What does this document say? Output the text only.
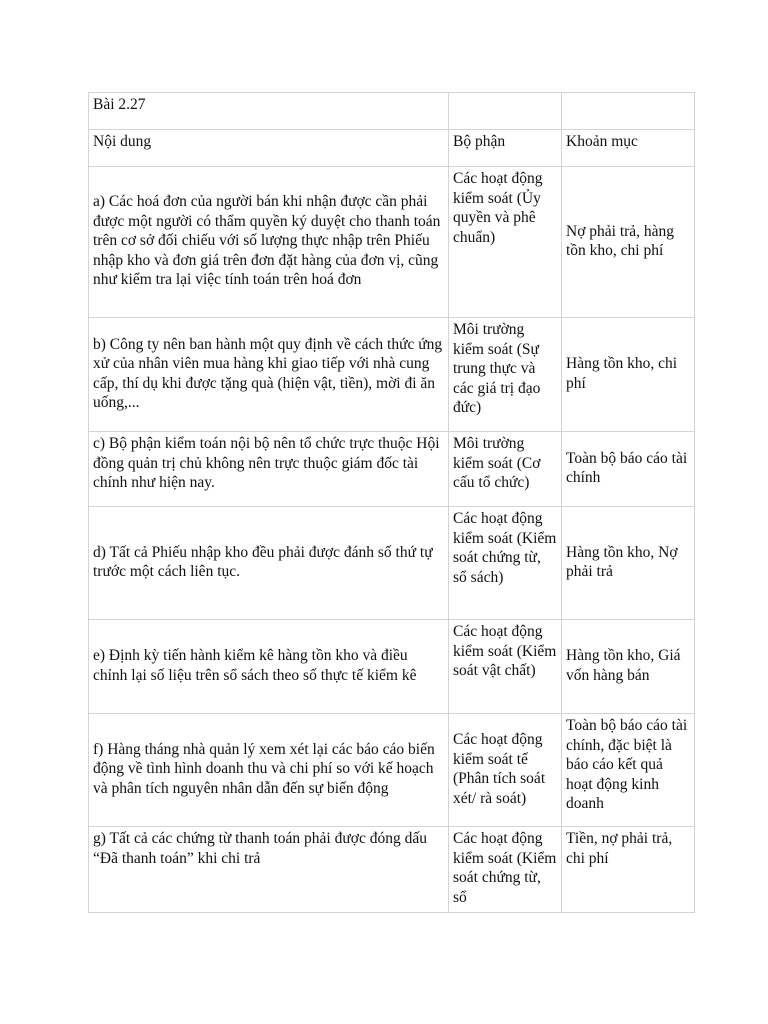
Bài 2.27		
Nội dung	Bộ phận	Khoản mục
a) Các hoá đơn của người bán khi nhận được cần phải được một người có thẩm quyền ký duyệt cho thanh toán trên cơ sở đối chiếu với số lượng thực nhập trên Phiếu nhập kho và đơn giá trên đơn đặt hàng của đơn vị, cũng như kiểm tra lại việc tính toán trên hoá đơn	Các hoạt động kiểm soát (Ủy quyền và phê chuẩn)	Nợ phải trả, hàng tồn kho, chi phí
b) Công ty nên ban hành một quy định về cách thức ứng xử của nhân viên mua hàng khi giao tiếp với nhà cung cấp, thí dụ khi được tặng quà (hiện vật, tiền), mời đi ăn uống,...	Môi trường kiểm soát (Sự trung thực và các giá trị đạo đức)	Hàng tồn kho, chi phí
c) Bộ phận kiểm toán nội bộ nên tổ chức trực thuộc Hội đồng quản trị chủ không nên trực thuộc giám đốc tài chính như hiện nay.	Môi trường kiểm soát (Cơ cấu tổ chức)	Toàn bộ báo cáo tài chính
d) Tất cả Phiếu nhập kho đều phải được đánh số thứ tự trước một cách liên tục.	Các hoạt động kiểm soát (Kiểm soát chứng từ, sổ sách)	Hàng tồn kho, Nợ phải trả
e) Định kỳ tiến hành kiểm kê hàng tồn kho và điều chỉnh lại số liệu trên sổ sách theo số thực tế kiểm kê	Các hoạt động kiểm soát (Kiểm soát vật chất)	Hàng tồn kho, Giá vốn hàng bán
f) Hàng tháng nhà quản lý xem xét lại các báo cáo biến động về tình hình doanh thu và chi phí so với kế hoạch và phân tích nguyên nhân dẫn đến sự biến động	Các hoạt động kiểm soát tế (Phân tích soát xét/ rà soát)	Toàn bộ báo cáo tài chính, đặc biệt là báo cáo kết quả hoạt động kinh doanh
g) Tất cả các chứng từ thanh toán phải được đóng dấu “Đã thanh toán” khi chi trả	Các hoạt động kiểm soát (Kiểm soát chứng từ, sổ	Tiền, nợ phải trả, chi phí
